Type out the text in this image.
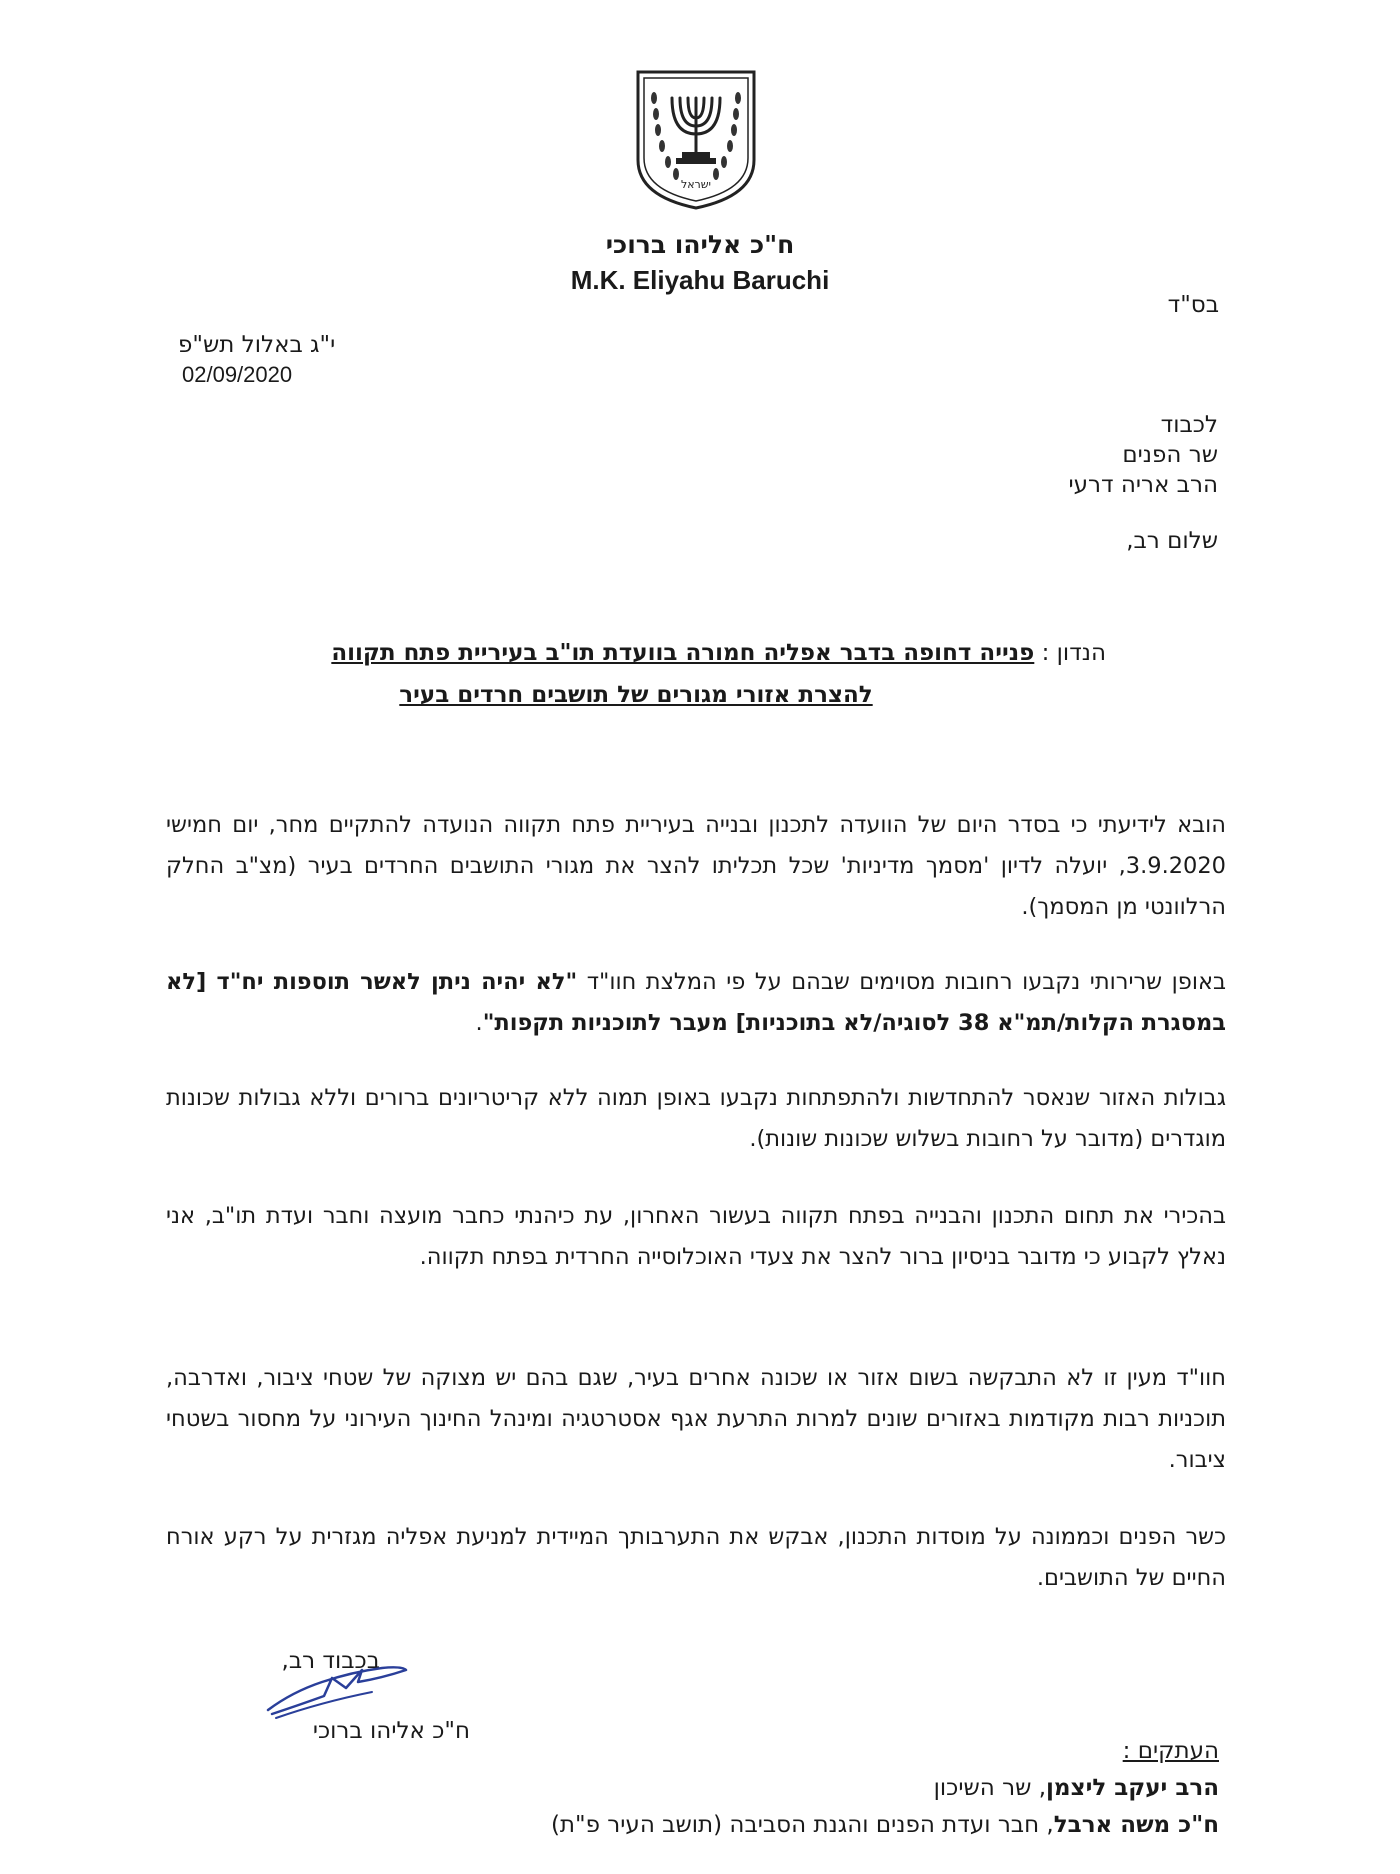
ישראל
ח"כ אליהו ברוכי
M.K. Eliyahu Baruchi
בס"ד
י"ג באלול תש"פ
02/09/2020
לכבוד
שר הפנים
הרב אריה דרעי
שלום רב,
הנדון : פנייה דחופה בדבר אפליה חמורה בוועדת תו"ב בעיריית פתח תקווה
להצרת אזורי מגורים של תושבים חרדים בעיר
הובא לידיעתי כי בסדר היום של הוועדה לתכנון ובנייה בעיריית פתח תקווה הנועדה להתקיים מחר, יום חמישי 3.9.2020, יועלה לדיון 'מסמך מדיניות' שכל תכליתו להצר את מגורי התושבים החרדים בעיר (מצ"ב החלק הרלוונטי מן המסמך).
באופן שרירותי נקבעו רחובות מסוימים שבהם על פי המלצת חוו"ד "לא יהיה ניתן לאשר תוספות יח"ד [לא במסגרת הקלות/תמ"א 38 לסוגיה/לא בתוכניות] מעבר לתוכניות תקפות".
גבולות האזור שנאסר להתחדשות ולהתפתחות נקבעו באופן תמוה ללא קריטריונים ברורים וללא גבולות שכונות מוגדרים (מדובר על רחובות בשלוש שכונות שונות).
בהכירי את תחום התכנון והבנייה בפתח תקווה בעשור האחרון, עת כיהנתי כחבר מועצה וחבר ועדת תו"ב, אני נאלץ לקבוע כי מדובר בניסיון ברור להצר את צעדי האוכלוסייה החרדית בפתח תקווה.
חוו"ד מעין זו לא התבקשה בשום אזור או שכונה אחרים בעיר, שגם בהם יש מצוקה של שטחי ציבור, ואדרבה, תוכניות רבות מקודמות באזורים שונים למרות התרעת אגף אסטרטגיה ומינהל החינוך העירוני על מחסור בשטחי ציבור.
כשר הפנים וכממונה על מוסדות התכנון, אבקש את התערבותך המיידית למניעת אפליה מגזרית על רקע אורח החיים של התושבים.
בכבוד רב,
ח"כ אליהו ברוכי
העתקים :
הרב יעקב ליצמן, שר השיכון
ח"כ משה ארבל, חבר ועדת הפנים והגנת הסביבה (תושב העיר פ"ת)
